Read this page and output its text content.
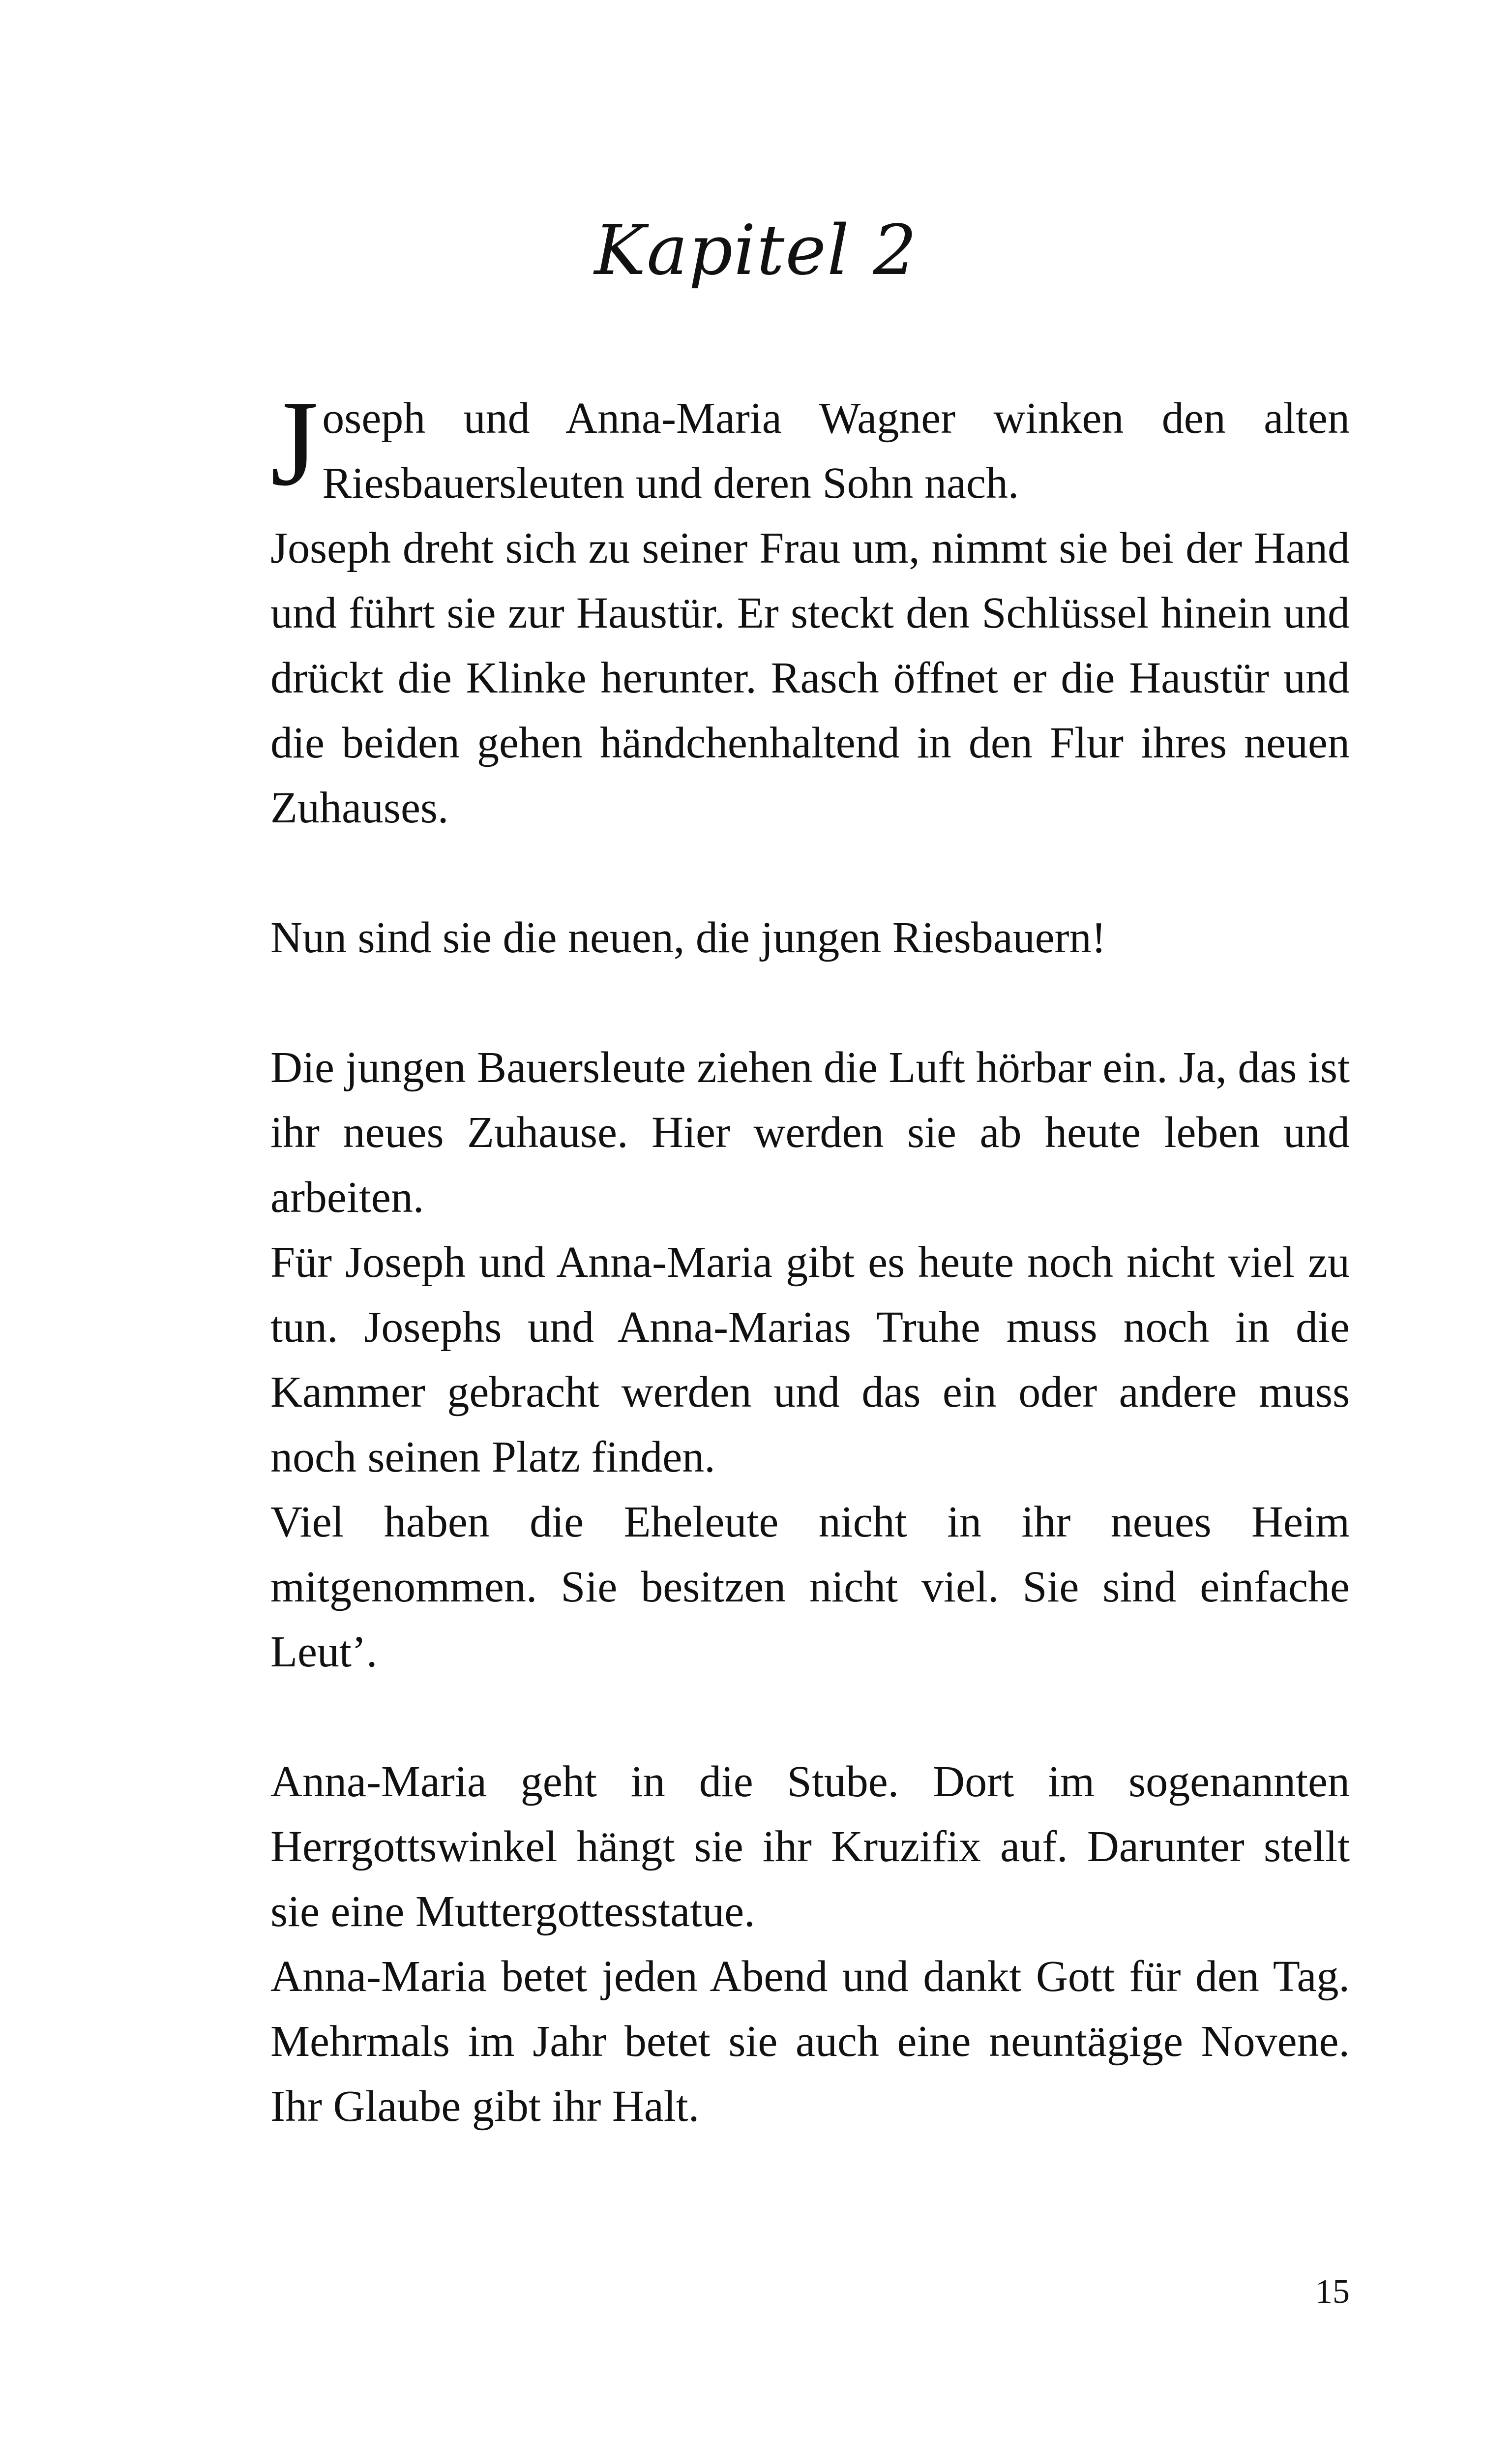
Kapitel 2

Joseph und Anna-Maria Wagner winken den alten Riesbauersleuten und deren Sohn nach.

Joseph dreht sich zu seiner Frau um, nimmt sie bei der Hand und führt sie zur Haustür. Er steckt den Schlüssel hinein und drückt die Klinke herunter. Rasch öffnet er die Haustür und die beiden gehen händchenhaltend in den Flur ihres neuen Zuhauses.

Nun sind sie die neuen, die jungen Riesbauern!

Die jungen Bauersleute ziehen die Luft hörbar ein. Ja, das ist ihr neues Zuhause. Hier werden sie ab heute leben und arbeiten.

Für Joseph und Anna-Maria gibt es heute noch nicht viel zu tun. Josephs und Anna-Marias Truhe muss noch in die Kammer gebracht werden und das ein oder andere muss noch seinen Platz finden.

Viel haben die Eheleute nicht in ihr neues Heim mitgenommen. Sie besitzen nicht viel. Sie sind einfache Leut’.

Anna-Maria geht in die Stube. Dort im sogenannten Herrgottswinkel hängt sie ihr Kruzifix auf. Darunter stellt sie eine Muttergottesstatue.

Anna-Maria betet jeden Abend und dankt Gott für den Tag. Mehrmals im Jahr betet sie auch eine neuntägige Novene. Ihr Glaube gibt ihr Halt.

15
